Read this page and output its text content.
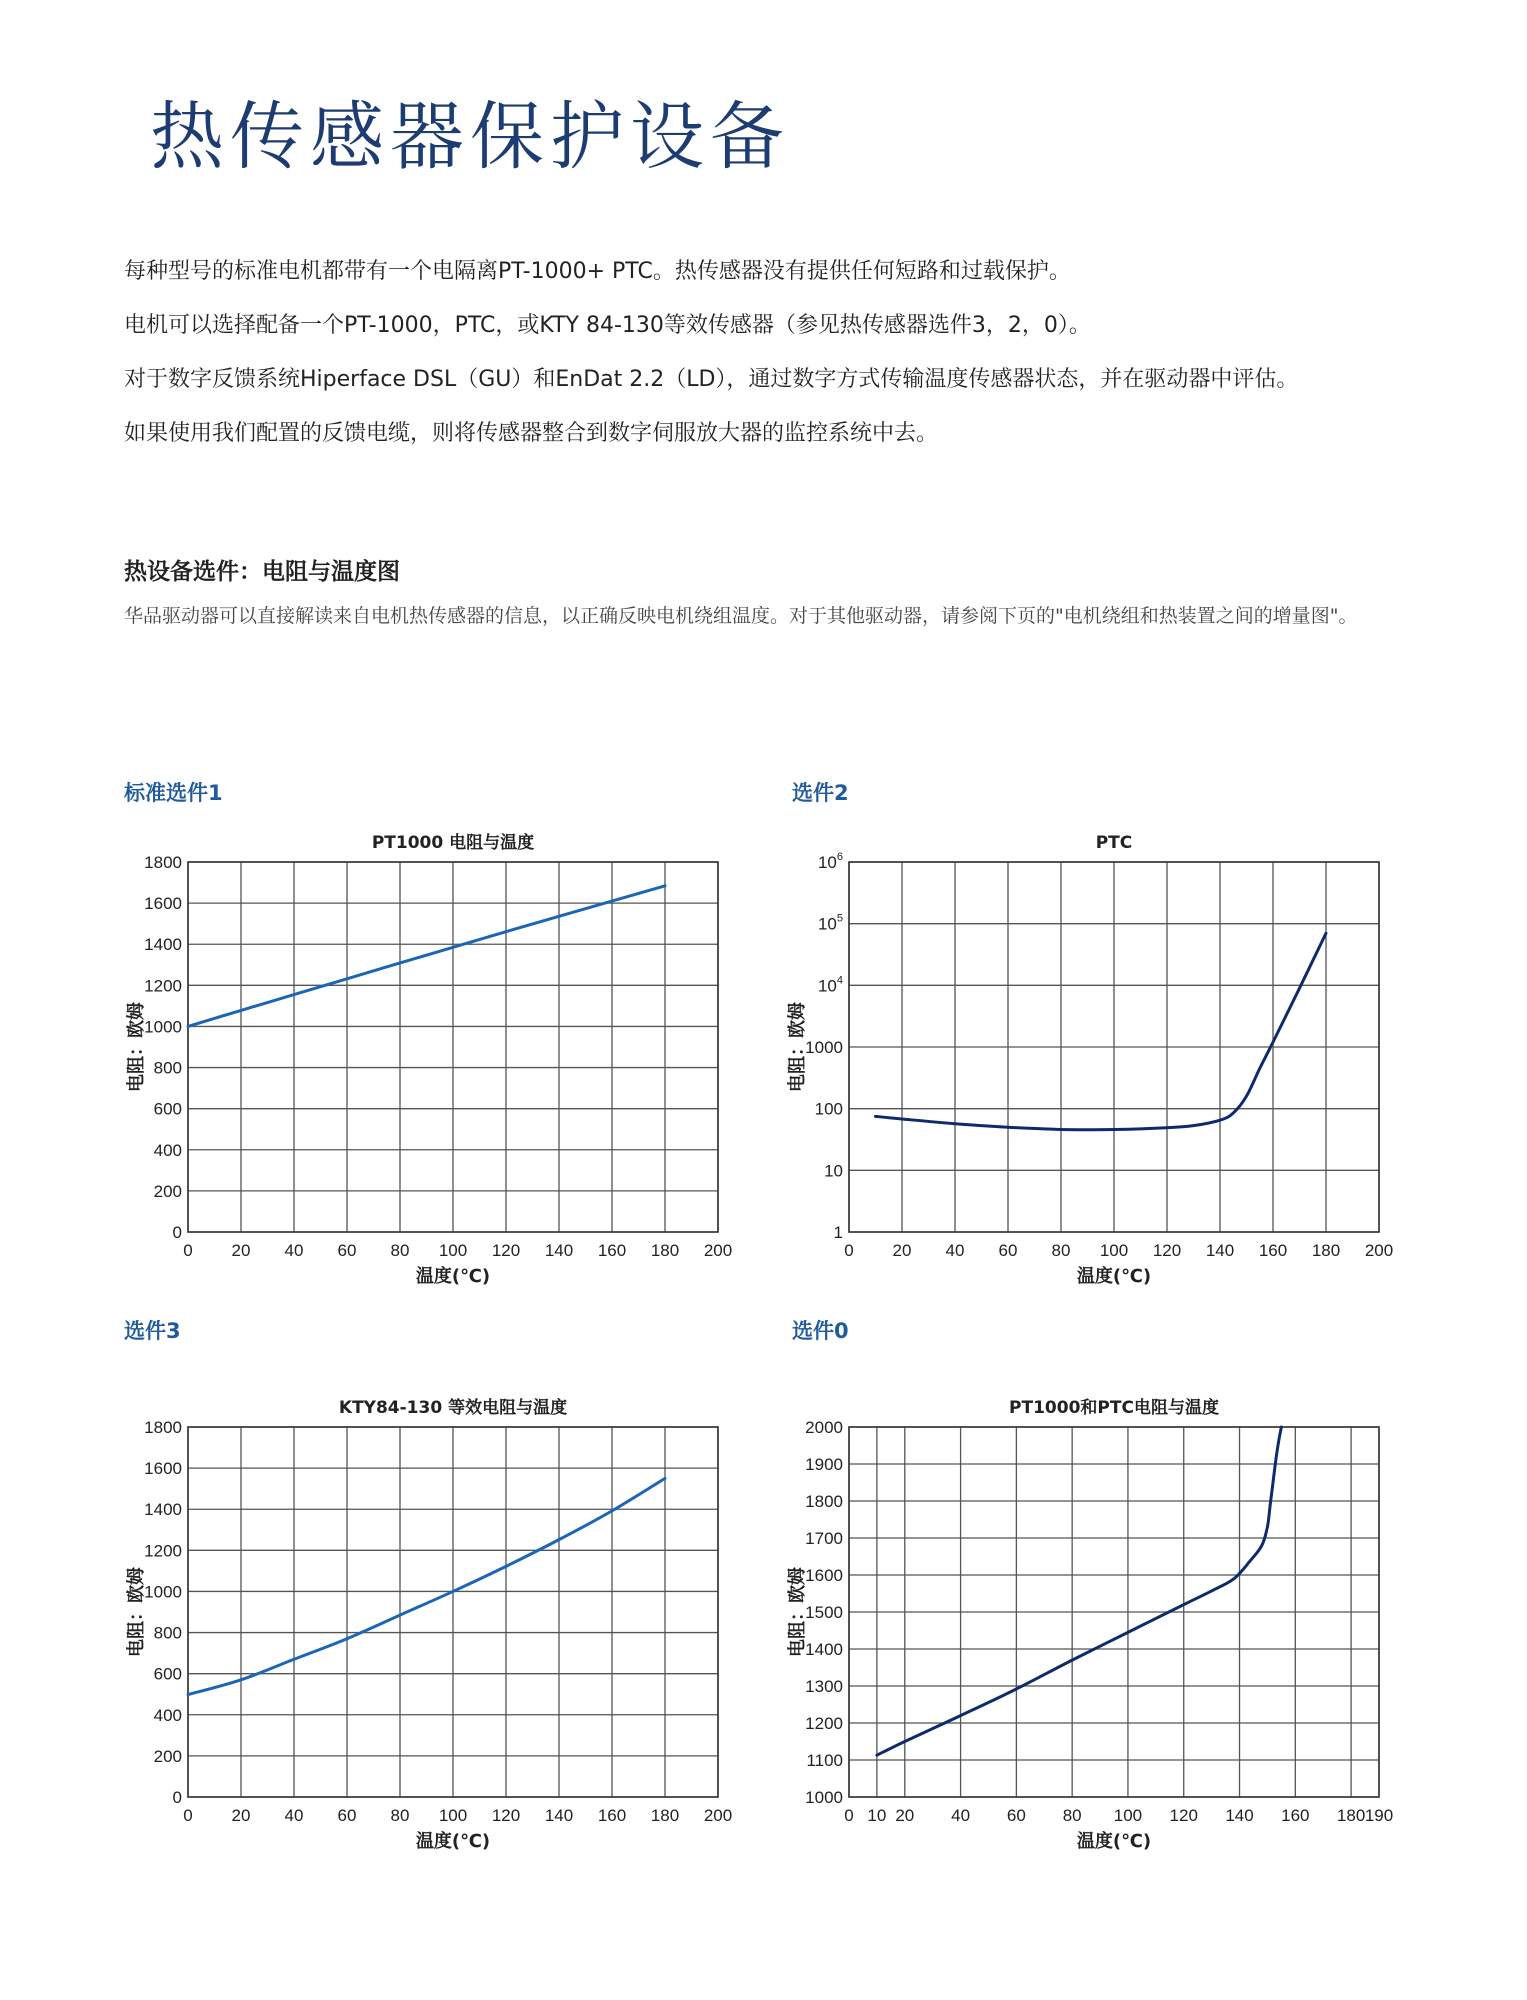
热传感器保护设备

每种型号的标准电机都带有一个电隔离PT-1000+ PTC。热传感器没有提供任何短路和过载保护。

电机可以选择配备一个PT-1000，PTC，或KTY 84-130等效传感器（参见热传感器选件3，2，0）。

对于数字反馈系统Hiperface DSL（GU）和EnDat 2.2（LD），通过数字方式传输温度传感器状态，并在驱动器中评估。

如果使用我们配置的反馈电缆，则将传感器整合到数字伺服放大器的监控系统中去。

热设备选件：电阻与温度图

华品驱动器可以直接解读来自电机热传感器的信息，以正确反映电机绕组温度。对于其他驱动器，请参阅下页的"电机绕组和热装置之间的增量图"。

标准选件1	选件2
选件3	选件0
PT1000 电阻与温度
0 20 40 60 80 100 120 140 160 180 200
0
200
400
600
800
1000
1200
1400
1600
1800
温度(℃)
电阻：欧姆
PTC
0 20 40 60 80 100 120 140 160 180 200
1
10
100
1000
$10^4$
$10^5$
$10^6$
温度(℃)
电阻：欧姆
KTY84-130 等效电阻与温度
0 20 40 60 80 100 120 140 160 180 200
0
200
400
600
800
1000
1200
1400
1600
1800
温度(℃)
电阻：欧姆
PT1000和PTC电阻与温度
0 10 20 40 60 80 100 120 140 160 180 190
1000
1100
1200
1300
1400
1500
1600
1700
1800
1900
2000
温度(℃)
电阻：欧姆
